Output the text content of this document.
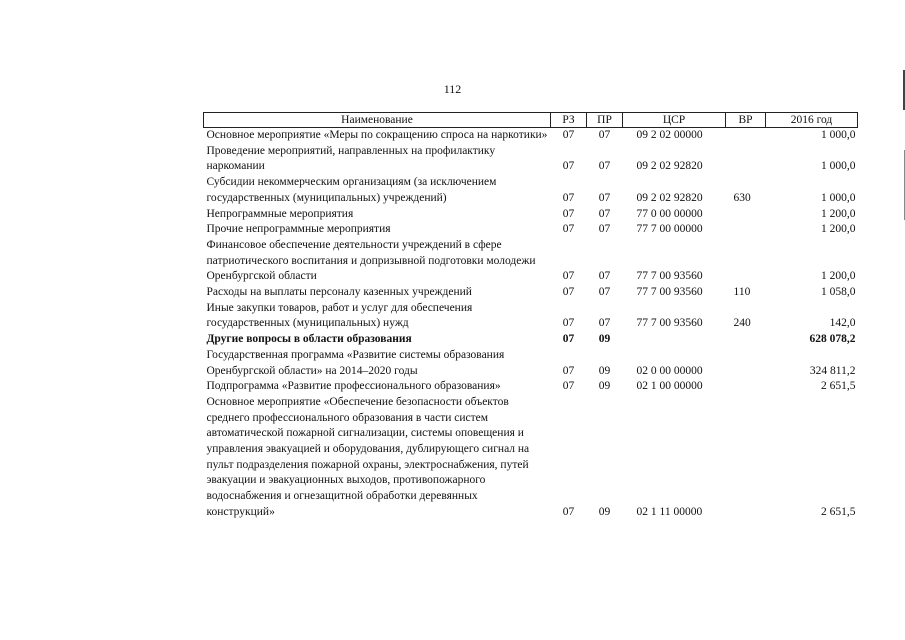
112
Наименование	РЗ	ПР	ЦСР	ВР	2016 год
Основное мероприятие «Меры по сокращению спроса на наркотики»	07	07	09 2 02 00000		1 000,0
Проведение мероприятий, направленных на профилактику наркомании	07	07	09 2 02 92820		1 000,0
Субсидии некоммерческим организациям (за исключением государственных (муниципальных) учреждений)	07	07	09 2 02 92820	630	1 000,0
Непрограммные мероприятия	07	07	77 0 00 00000		1 200,0
Прочие непрограммные мероприятия	07	07	77 7 00 00000		1 200,0
Финансовое обеспечение деятельности учреждений в сфере патриотического воспитания и допризывной подготовки молодежи Оренбургской области	07	07	77 7 00 93560		1 200,0
Расходы на выплаты персоналу казенных учреждений	07	07	77 7 00 93560	110	1 058,0
Иные закупки товаров, работ и услуг для обеспечения государственных (муниципальных) нужд	07	07	77 7 00 93560	240	142,0
Другие вопросы в области образования	07	09			628 078,2
Государственная программа «Развитие системы образования Оренбургской области» на 2014–2020 годы	07	09	02 0 00 00000		324 811,2
Подпрограмма «Развитие профессионального образования»	07	09	02 1 00 00000		2 651,5
Основное мероприятие «Обеспечение безопасности объектов среднего профессионального образования в части систем автоматической пожарной сигнализации, системы оповещения и управления эвакуацией и оборудования, дублирующего сигнал на пульт подразделения пожарной охраны, электроснабжения, путей эвакуации и эвакуационных выходов, противопожарного водоснабжения и огнезащитной обработки деревянных конструкций»	07	09	02 1 11 00000		2 651,5
